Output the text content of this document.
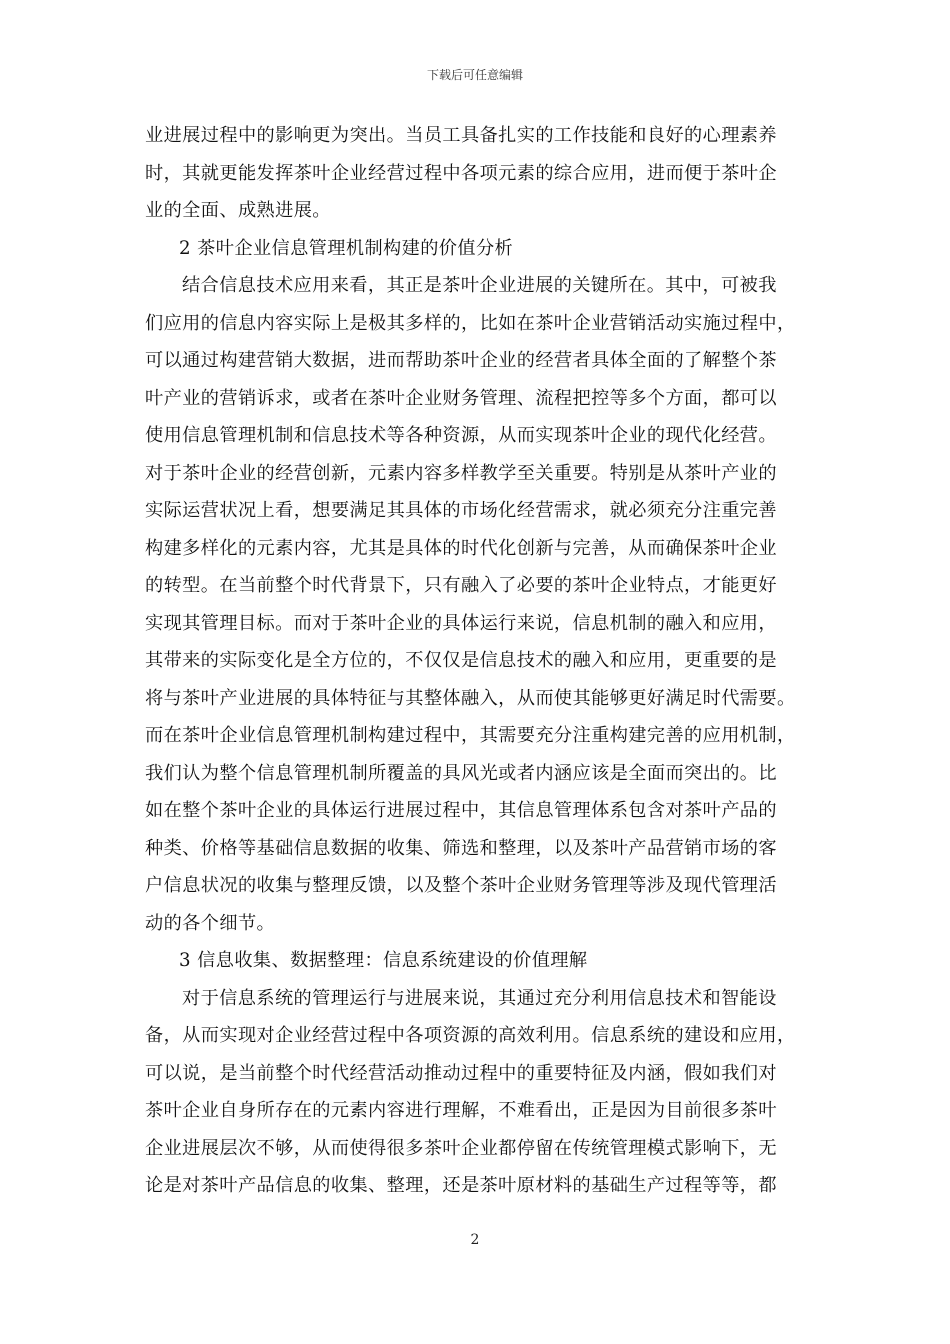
下载后可任意编辑
业进展过程中的影响更为突出。当员工具备扎实的工作技能和良好的心理素养
时，其就更能发挥茶叶企业经营过程中各项元素的综合应用，进而便于茶叶企
业的全面、成熟进展。
2 茶叶企业信息管理机制构建的价值分析
结合信息技术应用来看，其正是茶叶企业进展的关键所在。其中，可被我
们应用的信息内容实际上是极其多样的，比如在茶叶企业营销活动实施过程中，
可以通过构建营销大数据，进而帮助茶叶企业的经营者具体全面的了解整个茶
叶产业的营销诉求，或者在茶叶企业财务管理、流程把控等多个方面，都可以
使用信息管理机制和信息技术等各种资源，从而实现茶叶企业的现代化经营。
对于茶叶企业的经营创新，元素内容多样教学至关重要。特别是从茶叶产业的
实际运营状况上看，想要满足其具体的市场化经营需求，就必须充分注重完善
构建多样化的元素内容，尤其是具体的时代化创新与完善，从而确保茶叶企业
的转型。在当前整个时代背景下，只有融入了必要的茶叶企业特点，才能更好
实现其管理目标。而对于茶叶企业的具体运行来说，信息机制的融入和应用，
其带来的实际变化是全方位的，不仅仅是信息技术的融入和应用，更重要的是
将与茶叶产业进展的具体特征与其整体融入，从而使其能够更好满足时代需要。
而在茶叶企业信息管理机制构建过程中，其需要充分注重构建完善的应用机制，
我们认为整个信息管理机制所覆盖的具风光或者内涵应该是全面而突出的。比
如在整个茶叶企业的具体运行进展过程中，其信息管理体系包含对茶叶产品的
种类、价格等基础信息数据的收集、筛选和整理，以及茶叶产品营销市场的客
户信息状况的收集与整理反馈，以及整个茶叶企业财务管理等涉及现代管理活
动的各个细节。
3 信息收集、数据整理：信息系统建设的价值理解
对于信息系统的管理运行与进展来说，其通过充分利用信息技术和智能设
备，从而实现对企业经营过程中各项资源的高效利用。信息系统的建设和应用，
可以说，是当前整个时代经营活动推动过程中的重要特征及内涵，假如我们对
茶叶企业自身所存在的元素内容进行理解，不难看出，正是因为目前很多茶叶
企业进展层次不够，从而使得很多茶叶企业都停留在传统管理模式影响下，无
论是对茶叶产品信息的收集、整理，还是茶叶原材料的基础生产过程等等，都
2
